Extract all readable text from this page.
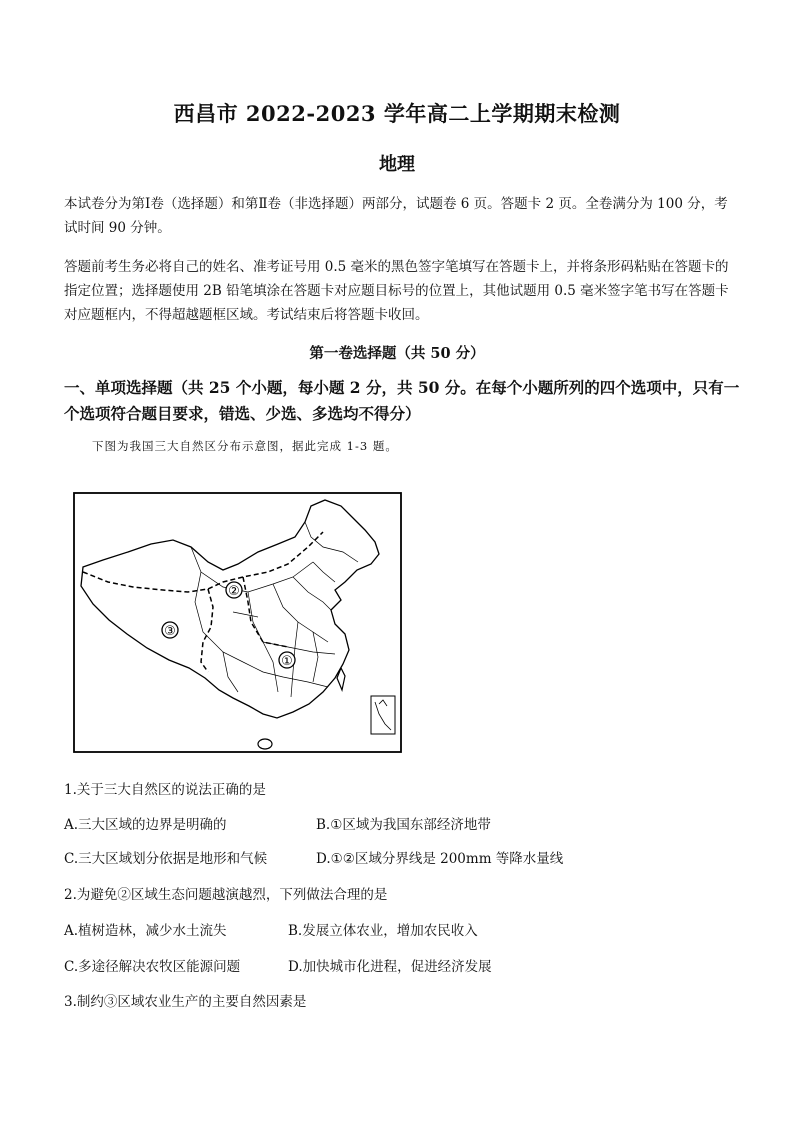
西昌市 2022-2023 学年高二上学期期末检测
地理
本试卷分为第Ⅰ卷（选择题）和第Ⅱ卷（非选择题）两部分，试题卷 6 页。答题卡 2 页。全卷满分为 100 分，考试时间 90 分钟。
答题前考生务必将自己的姓名、准考证号用 0.5 毫米的黑色签字笔填写在答题卡上，并将条形码粘贴在答题卡的指定位置；选择题使用 2B 铅笔填涂在答题卡对应题目标号的位置上，其他试题用 0.5 毫米签字笔书写在答题卡对应题框内，不得超越题框区域。考试结束后将答题卡收回。
第一卷选择题（共 50 分）
一、单项选择题（共 25 个小题，每小题 2 分，共 50 分。在每个小题所列的四个选项中，只有一个选项符合题目要求，错选、少选、多选均不得分）
下图为我国三大自然区分布示意图，据此完成 1-3 题。
①
②
③
1.关于三大自然区的说法正确的是
A.三大区域的边界是明确的	B.①区域为我国东部经济地带
C.三大区域划分依据是地形和气候	D.①②区域分界线是 200mm 等降水量线
2.为避免②区域生态问题越演越烈，下列做法合理的是
A.植树造林，减少水土流失	B.发展立体农业，增加农民收入
C.多途径解决农牧区能源问题	D.加快城市化进程，促进经济发展
3.制约③区域农业生产的主要自然因素是
